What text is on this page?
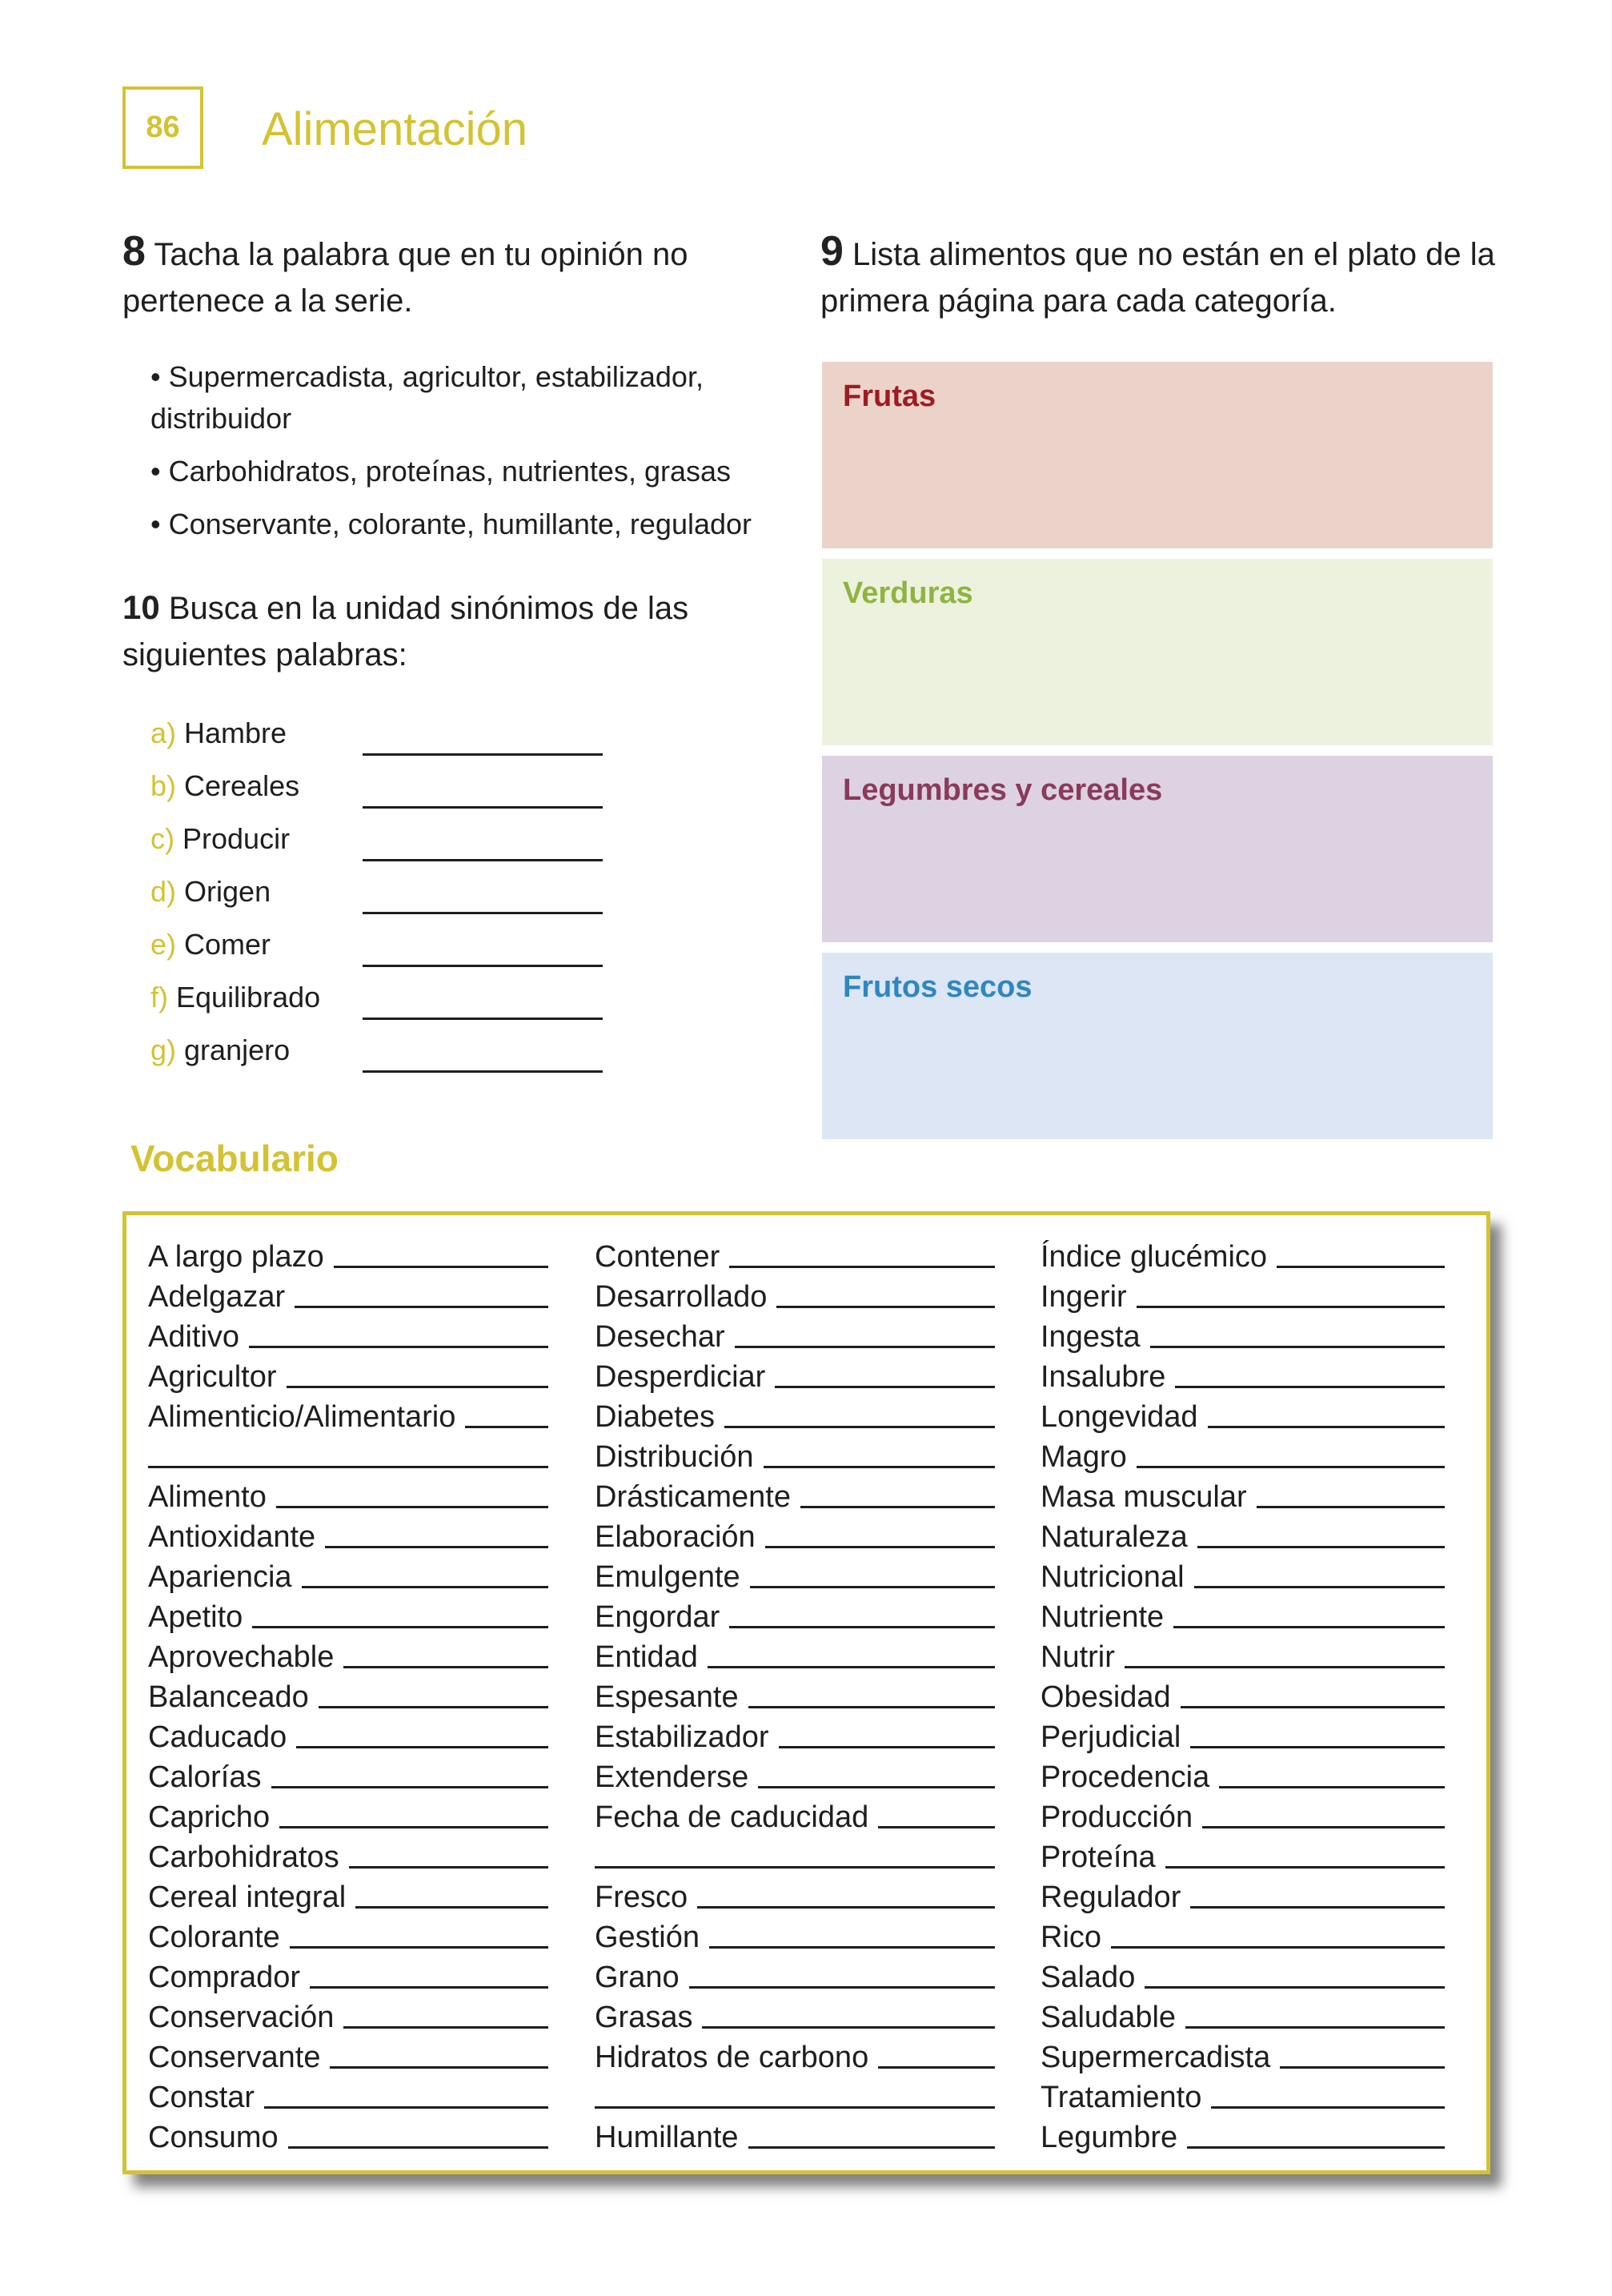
86 Alimentación
8 Tacha la palabra que en tu opinión no pertenece a la serie.
• Supermercadista, agricultor, estabilizador, distribuidor
• Carbohidratos, proteínas, nutrientes, grasas
• Conservante, colorante, humillante, regulador
10 Busca en la unidad sinónimos de las siguientes palabras:
a) Hambre
b) Cereales
c) Producir
d) Origen
e) Comer
f) Equilibrado
g) granjero
9 Lista alimentos que no están en el plato de la primera página para cada categoría.
Frutas
Verduras
Legumbres y cereales
Frutos secos
Vocabulario
A largo plazo
Adelgazar
Aditivo
Agricultor
Alimenticio/Alimentario
Alimento
Antioxidante
Apariencia
Apetito
Aprovechable
Balanceado
Caducado
Calorías
Capricho
Carbohidratos
Cereal integral
Colorante
Comprador
Conservación
Conservante
Constar
Consumo
Contener
Desarrollado
Desechar
Desperdiciar
Diabetes
Distribución
Drásticamente
Elaboración
Emulgente
Engordar
Entidad
Espesante
Estabilizador
Extenderse
Fecha de caducidad
Fresco
Gestión
Grano
Grasas
Hidratos de carbono
Humillante
Índice glucémico
Ingerir
Ingesta
Insalubre
Longevidad
Magro
Masa muscular
Naturaleza
Nutricional
Nutriente
Nutrir
Obesidad
Perjudicial
Procedencia
Producción
Proteína
Regulador
Rico
Salado
Saludable
Supermercadista
Tratamiento
Legumbre
